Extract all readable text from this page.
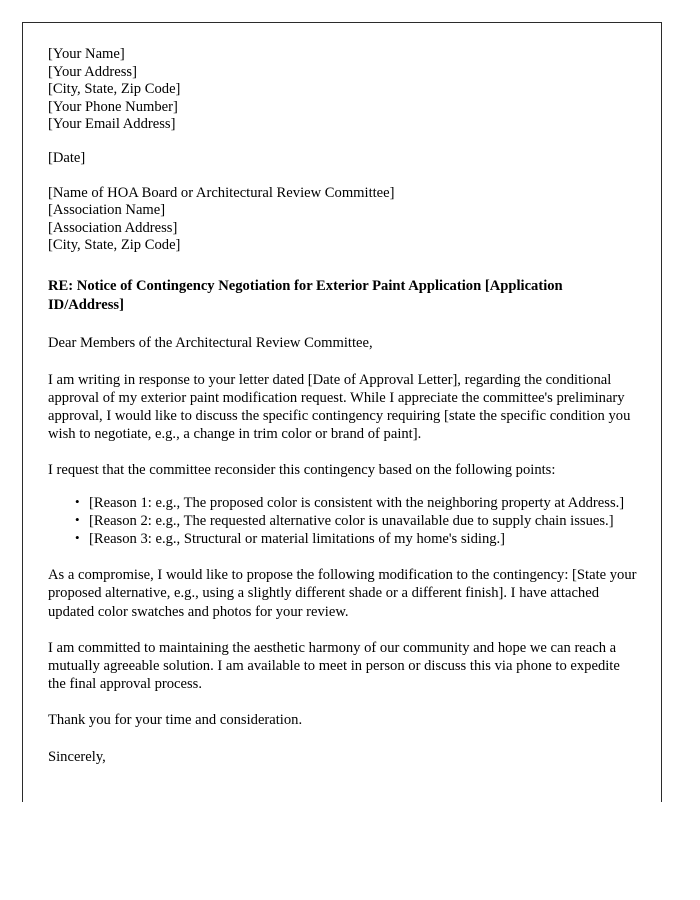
[Your Name]
[Your Address]
[City, State, Zip Code]
[Your Phone Number]
[Your Email Address]
[Date]
[Name of HOA Board or Architectural Review Committee]
[Association Name]
[Association Address]
[City, State, Zip Code]
RE: Notice of Contingency Negotiation for Exterior Paint Application [Application ID/Address]
Dear Members of the Architectural Review Committee,

I am writing in response to your letter dated [Date of Approval Letter], regarding the conditional approval of my exterior paint modification request. While I appreciate the committee's preliminary approval, I would like to discuss the specific contingency requiring [state the specific condition you wish to negotiate, e.g., a change in trim color or brand of paint].

I request that the committee reconsider this contingency based on the following points:

• [Reason 1: e.g., The proposed color is consistent with the neighboring property at Address.]
• [Reason 2: e.g., The requested alternative color is unavailable due to supply chain issues.]
• [Reason 3: e.g., Structural or material limitations of my home's siding.]

As a compromise, I would like to propose the following modification to the contingency: [State your proposed alternative, e.g., using a slightly different shade or a different finish]. I have attached updated color swatches and photos for your review.

I am committed to maintaining the aesthetic harmony of our community and hope we can reach a mutually agreeable solution. I am available to meet in person or discuss this via phone to expedite the final approval process.

Thank you for your time and consideration.

Sincerely,
